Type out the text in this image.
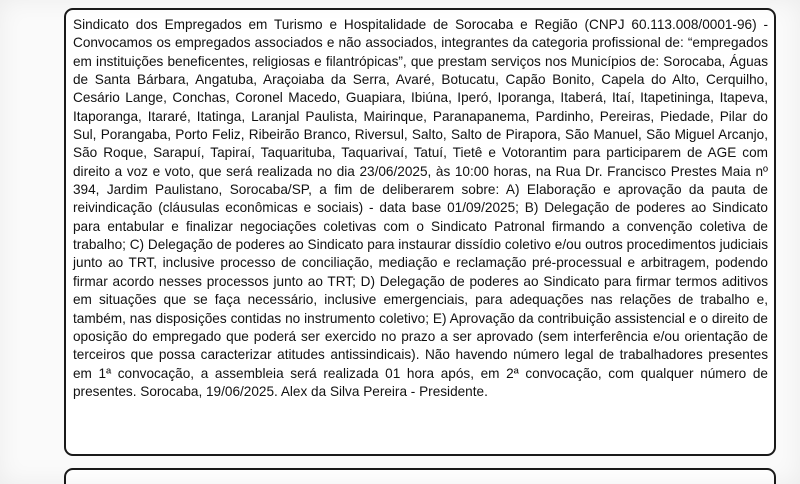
Sindicato dos Empregados em Turismo e Hospitalidade de Sorocaba e Região (CNPJ 60.113.008/0001-96) - Convocamos os empregados associados e não associados, integrantes da categoria profissional de: “empregados em instituições beneficentes, religiosas e filantrópicas”, que prestam serviços nos Municípios de: Sorocaba, Águas de Santa Bárbara, Angatuba, Araçoiaba da Serra, Avaré, Botucatu, Capão Bonito, Capela do Alto, Cerquilho, Cesário Lange, Conchas, Coronel Macedo, Guapiara, Ibiúna, Iperó, Iporanga, Itaberá, Itaí, Itapetininga, Itapeva, Itaporanga, Itararé, Itatinga, Laranjal Paulista, Mairinque, Paranapanema, Pardinho, Pereiras, Piedade, Pilar do Sul, Porangaba, Porto Feliz, Ribeirão Branco, Riversul, Salto, Salto de Pirapora, São Manuel, São Miguel Arcanjo, São Roque, Sarapuí, Tapiraí, Taquarituba, Taquarivaí, Tatuí, Tietê e Votorantim para participarem de AGE com direito a voz e voto, que será realizada no dia 23/06/2025, às 10:00 horas, na Rua Dr. Francisco Prestes Maia nº 394, Jardim Paulistano, Sorocaba/SP, a fim de deliberarem sobre: A) Elaboração e aprovação da pauta de reivindicação (cláusulas econômicas e sociais) - data base 01/09/2025; B) Delegação de poderes ao Sindicato para entabular e finalizar negociações coletivas com o Sindicato Patronal firmando a convenção coletiva de trabalho; C) Delegação de poderes ao Sindicato para instaurar dissídio coletivo e/ou outros procedimentos judiciais junto ao TRT, inclusive processo de conciliação, mediação e reclamação pré-processual e arbitragem, podendo firmar acordo nesses processos junto ao TRT; D) Delegação de poderes ao Sindicato para firmar termos aditivos em situações que se faça necessário, inclusive emergenciais, para adequações nas relações de trabalho e, também, nas disposições contidas no instrumento coletivo; E) Aprovação da contribuição assistencial e o direito de oposição do empregado que poderá ser exercido no prazo a ser aprovado (sem interferência e/ou orientação de terceiros que possa caracterizar atitudes antissindicais). Não havendo número legal de trabalhadores presentes em 1ª convocação, a assembleia será realizada 01 hora após, em 2ª convocação, com qualquer número de presentes. Sorocaba, 19/06/2025. Alex da Silva Pereira - Presidente.
